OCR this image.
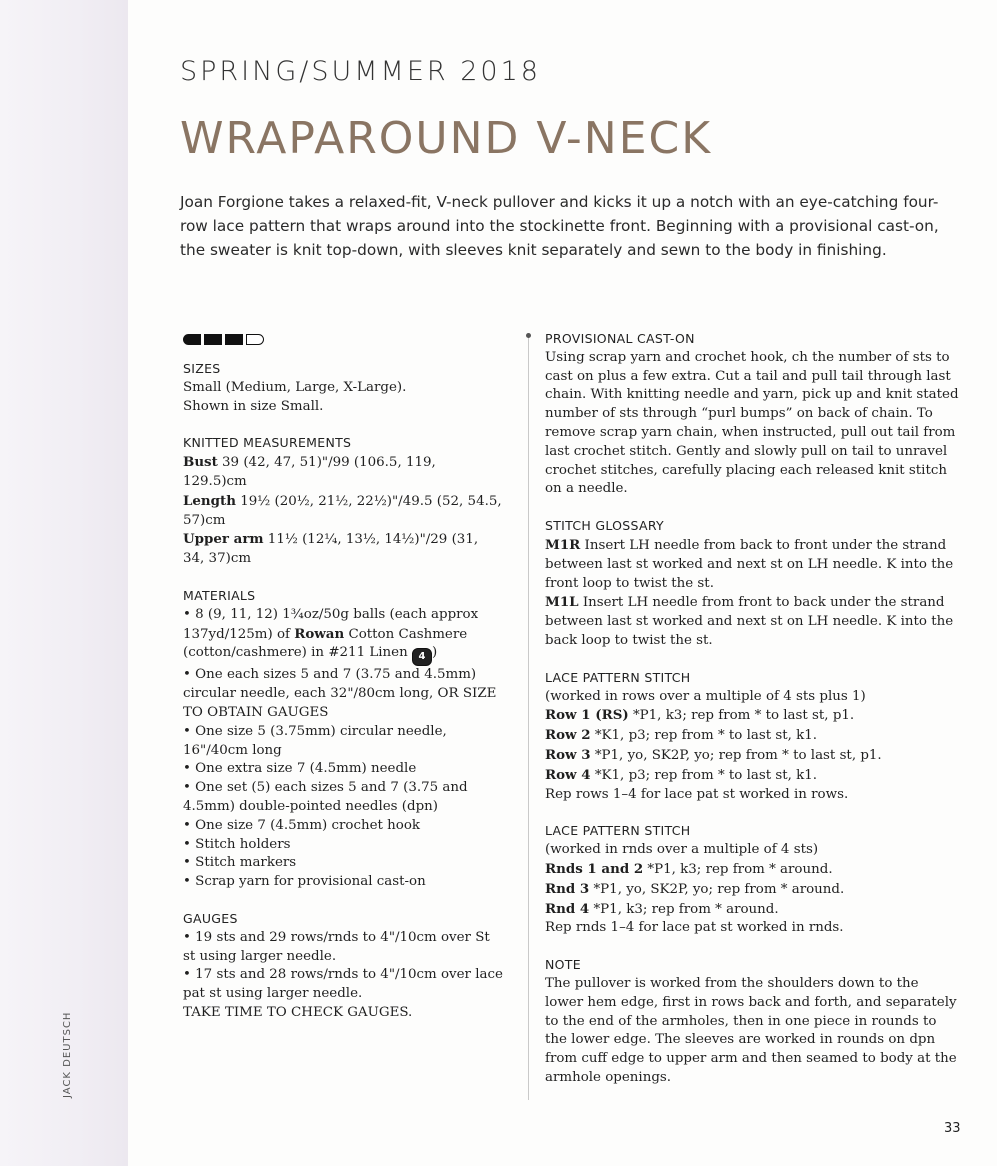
JACK DEUTSCH
SPRING/SUMMER 2018
WRAPAROUND V-NECK
Joan Forgione takes a relaxed-fit, V-neck pullover and kicks it up a notch with an eye-catching four-row lace pattern that wraps around into the stockinette front. Beginning with a provisional cast-on, the sweater is knit top-down, with sleeves knit separately and sewn to the body in finishing.
SIZES

Small (Medium, Large, X-Large).

Shown in size Small.

KNITTED MEASUREMENTS

Bust 39 (42, 47, 51)"/99 (106.5, 119, 129.5)cm

Length 19½ (20½, 21½, 22½)"/49.5 (52, 54.5, 57)cm

Upper arm 11½ (12¼, 13½, 14½)"/29 (31, 34, 37)cm

MATERIALS

• 8 (9, 11, 12) 1¾oz/50g balls (each approx 137yd/125m) of Rowan Cotton Cashmere (cotton/cashmere) in #211 Linen 4 )

• One each sizes 5 and 7 (3.75 and 4.5mm) circular needle, each 32"/80cm long, OR SIZE TO OBTAIN GAUGES

• One size 5 (3.75mm) circular needle, 16"/40cm long

• One extra size 7 (4.5mm) needle

• One set (5) each sizes 5 and 7 (3.75 and 4.5mm) double-pointed needles (dpn)

• One size 7 (4.5mm) crochet hook

• Stitch holders

• Stitch markers

• Scrap yarn for provisional cast-on

GAUGES

• 19 sts and 29 rows/rnds to 4"/10cm over St st using larger needle.

• 17 sts and 28 rows/rnds to 4"/10cm over lace pat st using larger needle.

TAKE TIME TO CHECK GAUGES.

PROVISIONAL CAST-ON

Using scrap yarn and crochet hook, ch the number of sts to cast on plus a few extra. Cut a tail and pull tail through last chain. With knitting needle and yarn, pick up and knit stated number of sts through “purl bumps” on back of chain. To remove scrap yarn chain, when instructed, pull out tail from last crochet stitch. Gently and slowly pull on tail to unravel crochet stitches, carefully placing each released knit stitch on a needle.

STITCH GLOSSARY

M1R Insert LH needle from back to front under the strand between last st worked and next st on LH needle. K into the front loop to twist the st.

M1L Insert LH needle from front to back under the strand between last st worked and next st on LH needle. K into the back loop to twist the st.

LACE PATTERN STITCH

(worked in rows over a multiple of 4 sts plus 1)

Row 1 (RS) *P1, k3; rep from * to last st, p1.

Row 2 *K1, p3; rep from * to last st, k1.

Row 3 *P1, yo, SK2P, yo; rep from * to last st, p1.

Row 4 *K1, p3; rep from * to last st, k1.

Rep rows 1–4 for lace pat st worked in rows.

LACE PATTERN STITCH

(worked in rnds over a multiple of 4 sts)

Rnds 1 and 2 *P1, k3; rep from * around.

Rnd 3 *P1, yo, SK2P, yo; rep from * around.

Rnd 4 *P1, k3; rep from * around.

Rep rnds 1–4 for lace pat st worked in rnds.

NOTE

The pullover is worked from the shoulders down to the lower hem edge, first in rows back and forth, and separately to the end of the armholes, then in one piece in rounds to the lower edge. The sleeves are worked in rounds on dpn from cuff edge to upper arm and then seamed to body at the armhole openings.

33
